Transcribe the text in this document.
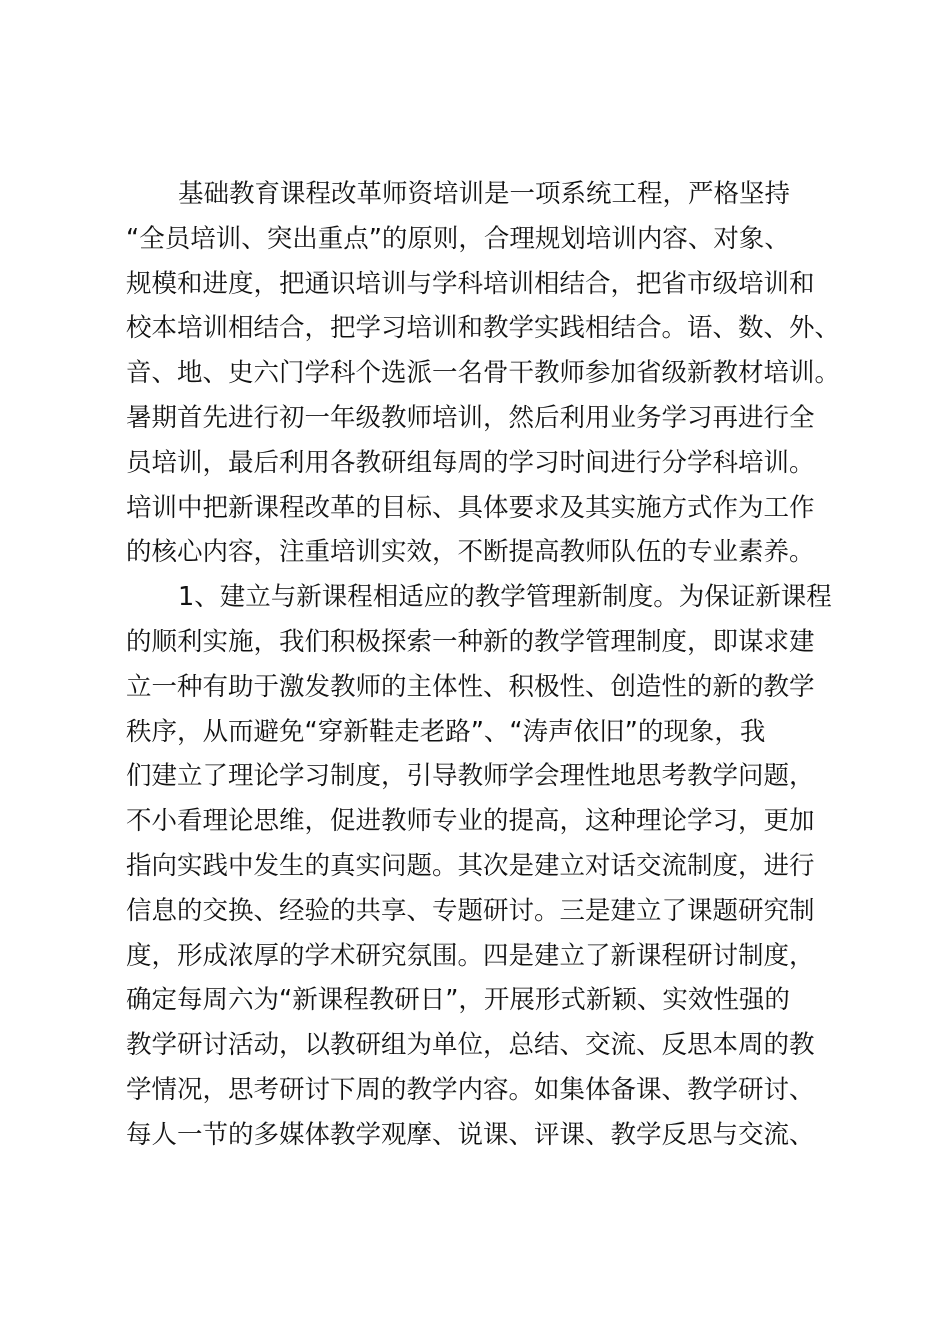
基础教育课程改革师资培训是一项系统工程，严格坚持
“全员培训、突出重点”的原则，合理规划培训内容、对象、
规模和进度，把通识培训与学科培训相结合，把省市级培训和
校本培训相结合，把学习培训和教学实践相结合。语、数、外、
音、地、史六门学科个选派一名骨干教师参加省级新教材培训。
暑期首先进行初一年级教师培训，然后利用业务学习再进行全
员培训，最后利用各教研组每周的学习时间进行分学科培训。
培训中把新课程改革的目标、具体要求及其实施方式作为工作
的核心内容，注重培训实效，不断提高教师队伍的专业素养。
1、建立与新课程相适应的教学管理新制度。为保证新课程
的顺利实施，我们积极探索一种新的教学管理制度，即谋求建
立一种有助于激发教师的主体性、积极性、创造性的新的教学
秩序，从而避免“穿新鞋走老路”、“涛声依旧”的现象，我
们建立了理论学习制度，引导教师学会理性地思考教学问题，
不小看理论思维，促进教师专业的提高，这种理论学习，更加
指向实践中发生的真实问题。其次是建立对话交流制度，进行
信息的交换、经验的共享、专题研讨。三是建立了课题研究制
度，形成浓厚的学术研究氛围。四是建立了新课程研讨制度，
确定每周六为“新课程教研日”，开展形式新颖、实效性强的
教学研讨活动，以教研组为单位，总结、交流、反思本周的教
学情况，思考研讨下周的教学内容。如集体备课、教学研讨、
每人一节的多媒体教学观摩、说课、评课、教学反思与交流、
